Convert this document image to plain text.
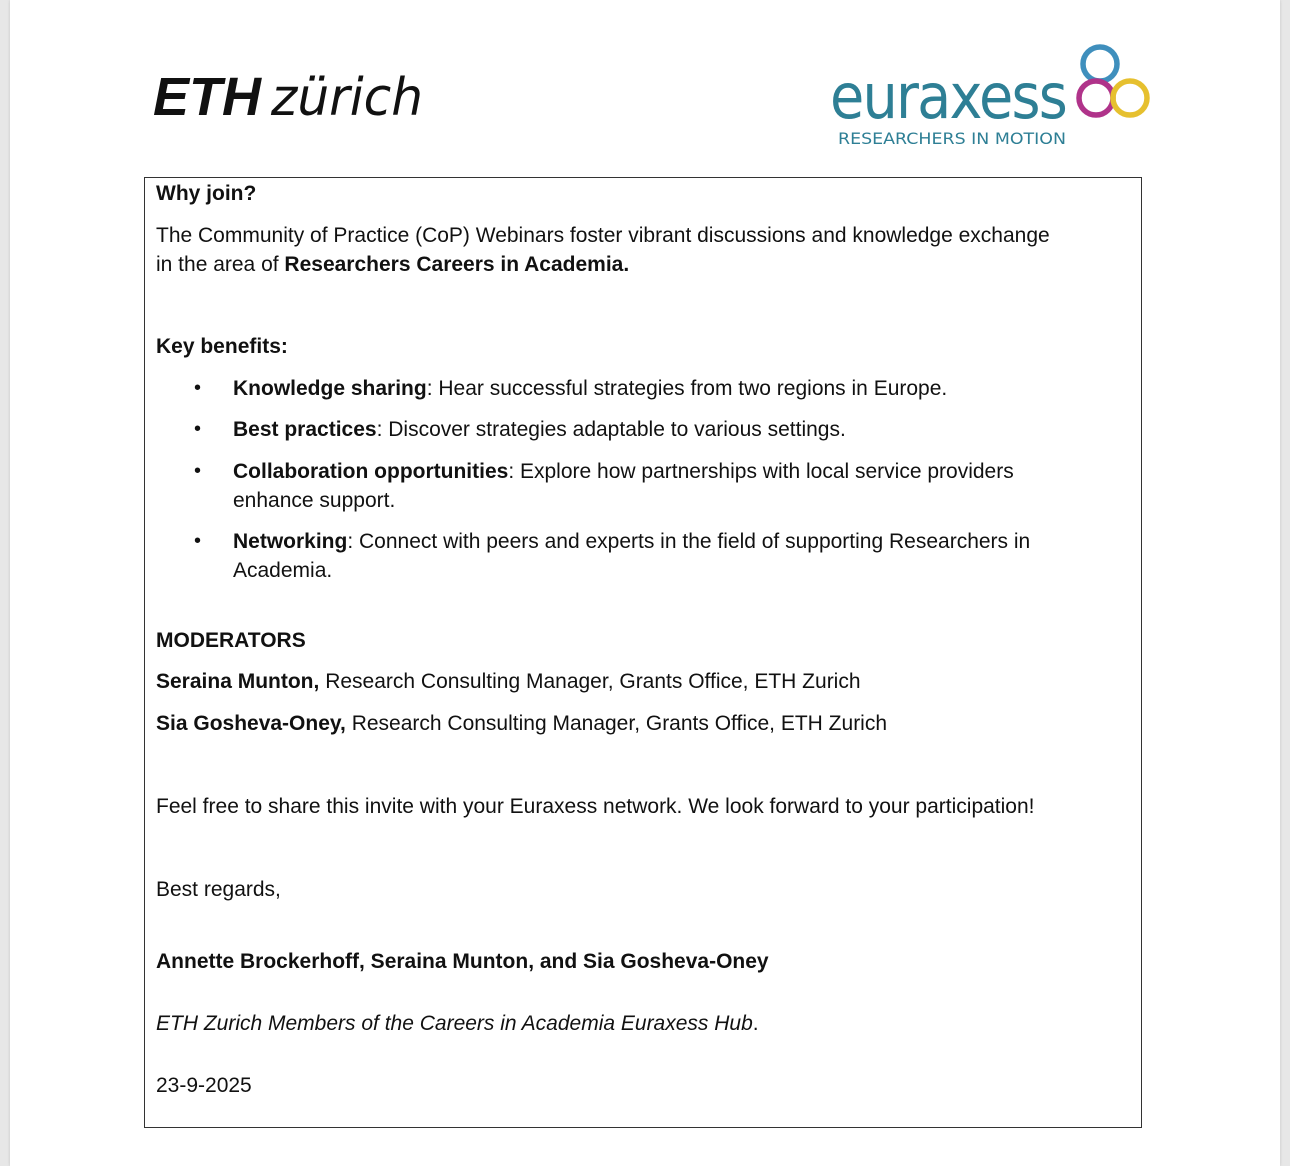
ETH zürich	euraxess
RESEARCHERS IN MOTION

Why join?

The Community of Practice (CoP) Webinars foster vibrant discussions and knowledge exchange

in the area of Researchers Careers in Academia.

Key benefits:

• Knowledge sharing: Hear successful strategies from two regions in Europe.

• Best practices: Discover strategies adaptable to various settings.

• Collaboration opportunities: Explore how partnerships with local service providers

enhance support.

• Networking: Connect with peers and experts in the field of supporting Researchers in

Academia.

MODERATORS

Seraina Munton, Research Consulting Manager, Grants Office, ETH Zurich

Sia Gosheva-Oney, Research Consulting Manager, Grants Office, ETH Zurich

Feel free to share this invite with your Euraxess network. We look forward to your participation!

Best regards,

Annette Brockerhoff, Seraina Munton, and Sia Gosheva-Oney

ETH Zurich Members of the Careers in Academia Euraxess Hub.

23-9-2025
